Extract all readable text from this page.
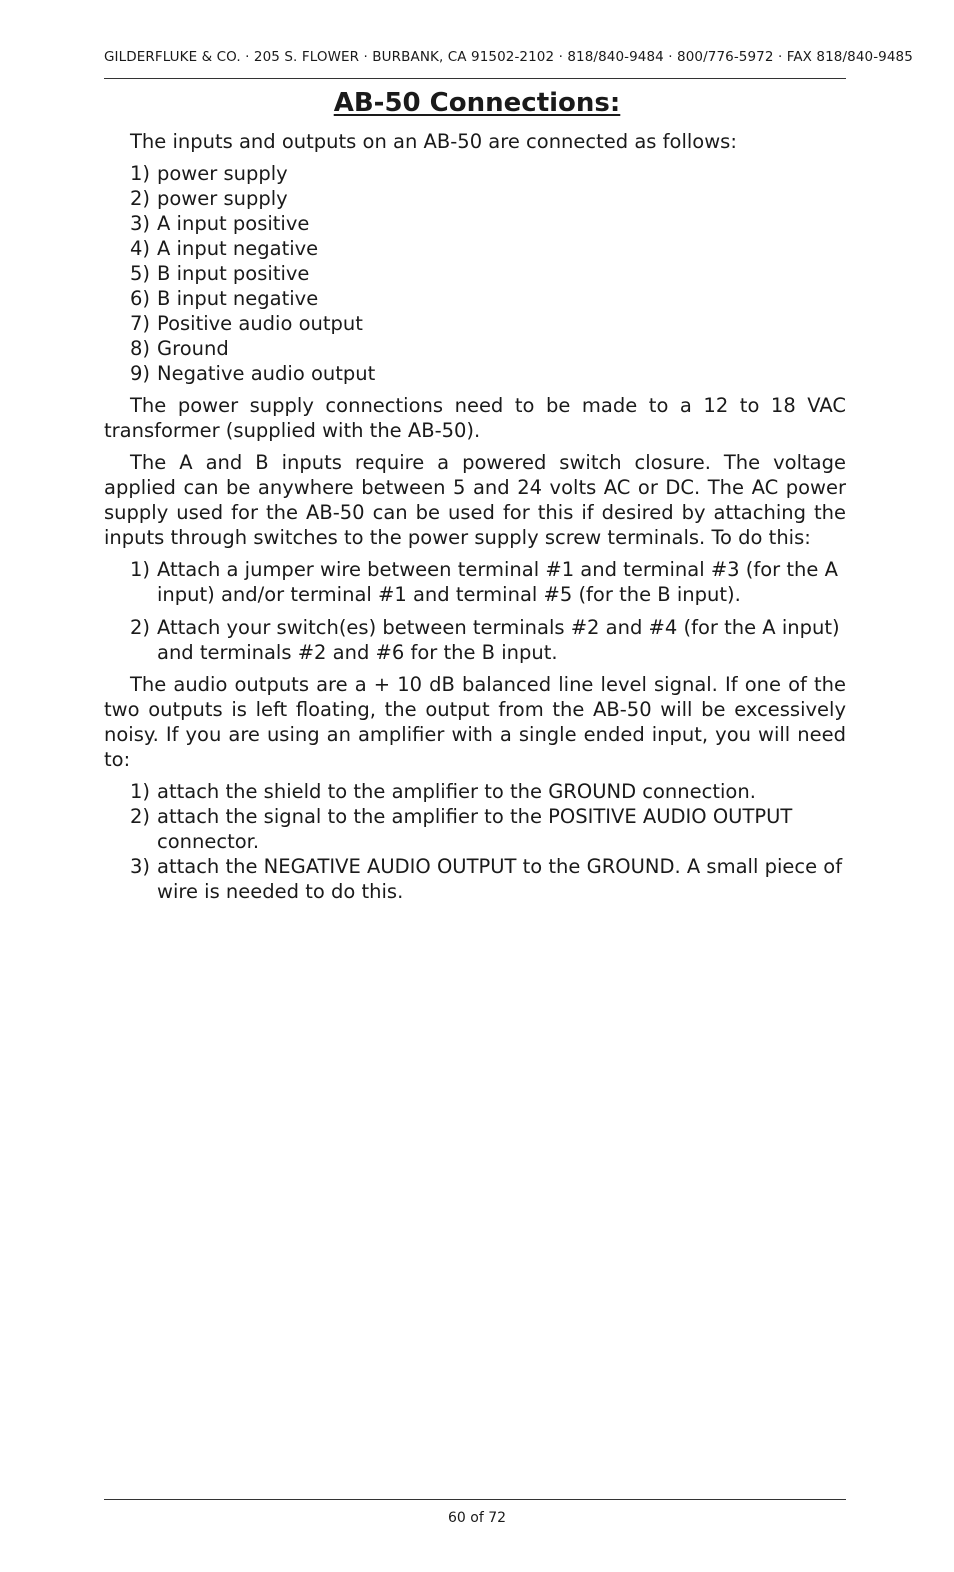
GILDERFLUKE & CO. · 205 S. FLOWER · BURBANK, CA 91502-2102 · 818/840-9484 · 800/776-5972 · FAX 818/840-9485
AB-50 Connections:

The inputs and outputs on an AB-50 are connected as follows:

1) power supply
2) power supply
3) A input positive
4) A input negative
5) B input positive
6) B input negative
7) Positive audio output
8) Ground
9) Negative audio output

The power supply connections need to be made to a 12 to 18 VAC transformer (supplied with the AB-50).

The A and B inputs require a powered switch closure. The voltage applied can be anywhere between 5 and 24 volts AC or DC. The AC power supply used for the AB-50 can be used for this if desired by attaching the inputs through switches to the power supply screw terminals. To do this:

1) Attach a jumper wire between terminal #1 and terminal #3 (for the A input) and/or terminal #1 and terminal #5 (for the B input).
2) Attach your switch(es) between terminals #2 and #4 (for the A input) and terminals #2 and #6 for the B input.

The audio outputs are a + 10 dB balanced line level signal. If one of the two outputs is left floating, the output from the AB-50 will be excessively noisy. If you are using an amplifier with a single ended input, you will need to:

1) attach the shield to the amplifier to the GROUND connection.
2) attach the signal to the amplifier to the POSITIVE AUDIO OUTPUT connector.
3) attach the NEGATIVE AUDIO OUTPUT to the GROUND. A small piece of wire is needed to do this.
60 of 72
